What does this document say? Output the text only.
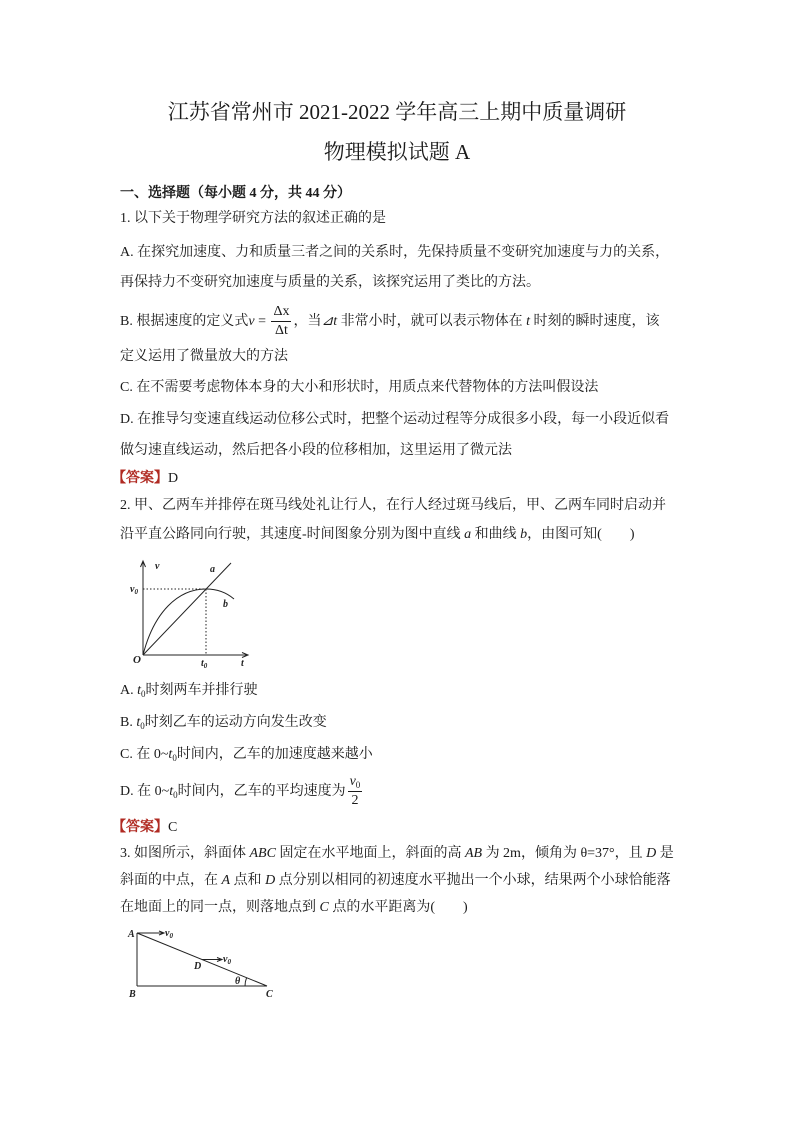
江苏省常州市 2021-2022 学年高三上期中质量调研
物理模拟试题 A
一、选择题（每小题 4 分，共 44 分）
1. 以下关于物理学研究方法的叙述正确的是
A. 在探究加速度、力和质量三者之间的关系时，先保持质量不变研究加速度与力的关系，
再保持力不变研究加速度与质量的关系，该探究运用了类比的方法。
B. 根据速度的定义式$v = \frac{\Delta x}{\Delta t}$ ，当⊿t 非常小时，就可以表示物体在 t 时刻的瞬时速度，该
定义运用了微量放大的方法
C. 在不需要考虑物体本身的大小和形状时，用质点来代替物体的方法叫假设法
D. 在推导匀变速直线运动位移公式时，把整个运动过程等分成很多小段，每一小段近似看
做匀速直线运动，然后把各小段的位移相加，这里运用了微元法
【答案】D
2. 甲、乙两车并排停在斑马线处礼让行人，在行人经过斑马线后，甲、乙两车同时启动并
沿平直公路同向行驶，其速度-时间图象分别为图中直线 a 和曲线 b，由图可知(　　)
v
t
O
$v_0$
$t_0$
a
b
A. $t_0$时刻两车并排行驶
B. $t_0$时刻乙车的运动方向发生改变
C. 在 $0\sim t_0$时间内，乙车的加速度越来越小
D. 在 $0\sim t_0$时间内，乙车的平均速度为 $\frac{v_0}{2}$
【答案】C
3. 如图所示，斜面体 ABC 固定在水平地面上，斜面的高 AB 为 2m，倾角为 θ=37°，且 D 是
斜面的中点，在 A 点和 D 点分别以相同的初速度水平抛出一个小球，结果两个小球恰能落
在地面上的同一点，则落地点到 C 点的水平距离为(　　)
A
B	C
D
θ
$v_0$
$v_0$
